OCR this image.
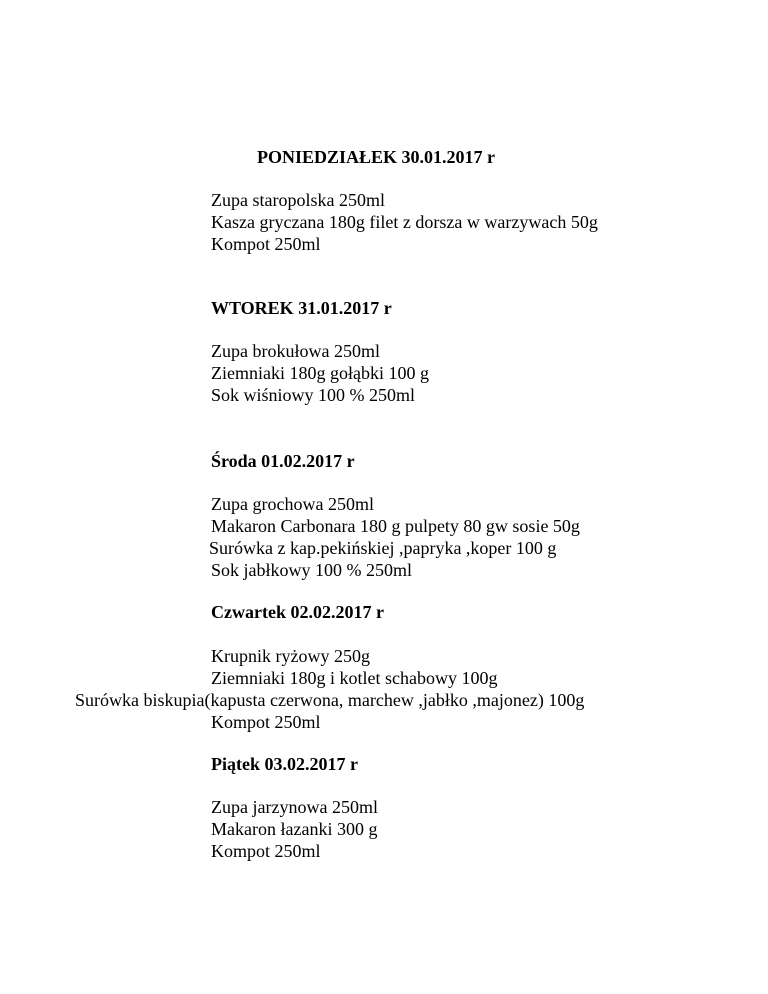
PONIEDZIAŁEK 30.01.2017 r
Zupa staropolska 250ml
Kasza gryczana 180g filet z dorsza w warzywach 50g
Kompot 250ml
WTOREK 31.01.2017 r
Zupa brokułowa 250ml
Ziemniaki 180g gołąbki 100 g
Sok wiśniowy 100 % 250ml
Środa 01.02.2017 r
Zupa grochowa 250ml
Makaron Carbonara 180 g pulpety 80 gw sosie 50g
Surówka z kap.pekińskiej ,papryka ,koper 100 g
Sok jabłkowy 100 % 250ml
Czwartek 02.02.2017 r
Krupnik ryżowy 250g
Ziemniaki 180g i kotlet schabowy 100g
Surówka biskupia(kapusta czerwona, marchew ,jabłko ,majonez) 100g
Kompot 250ml
Piątek 03.02.2017 r
Zupa jarzynowa 250ml
Makaron łazanki 300 g
Kompot 250ml
